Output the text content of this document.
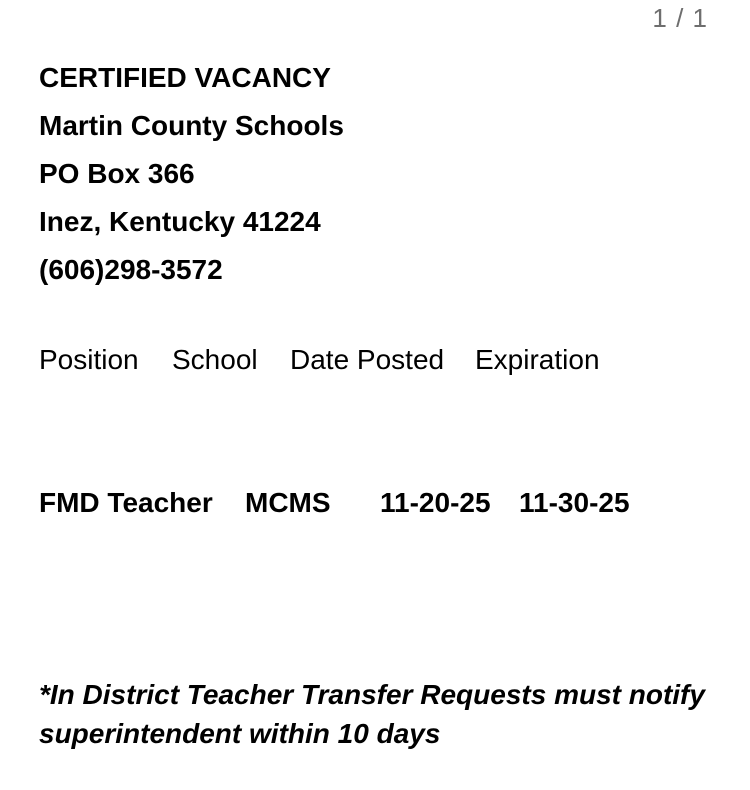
1 / 1
CERTIFIED VACANCY
Martin County Schools
PO Box 366
Inez, Kentucky 41224
(606)298-3572
Position School Date Posted Expiration
FMD Teacher MCMS 11-20-25 11-30-25
*In District Teacher Transfer Requests must notify superintendent within 10 days
